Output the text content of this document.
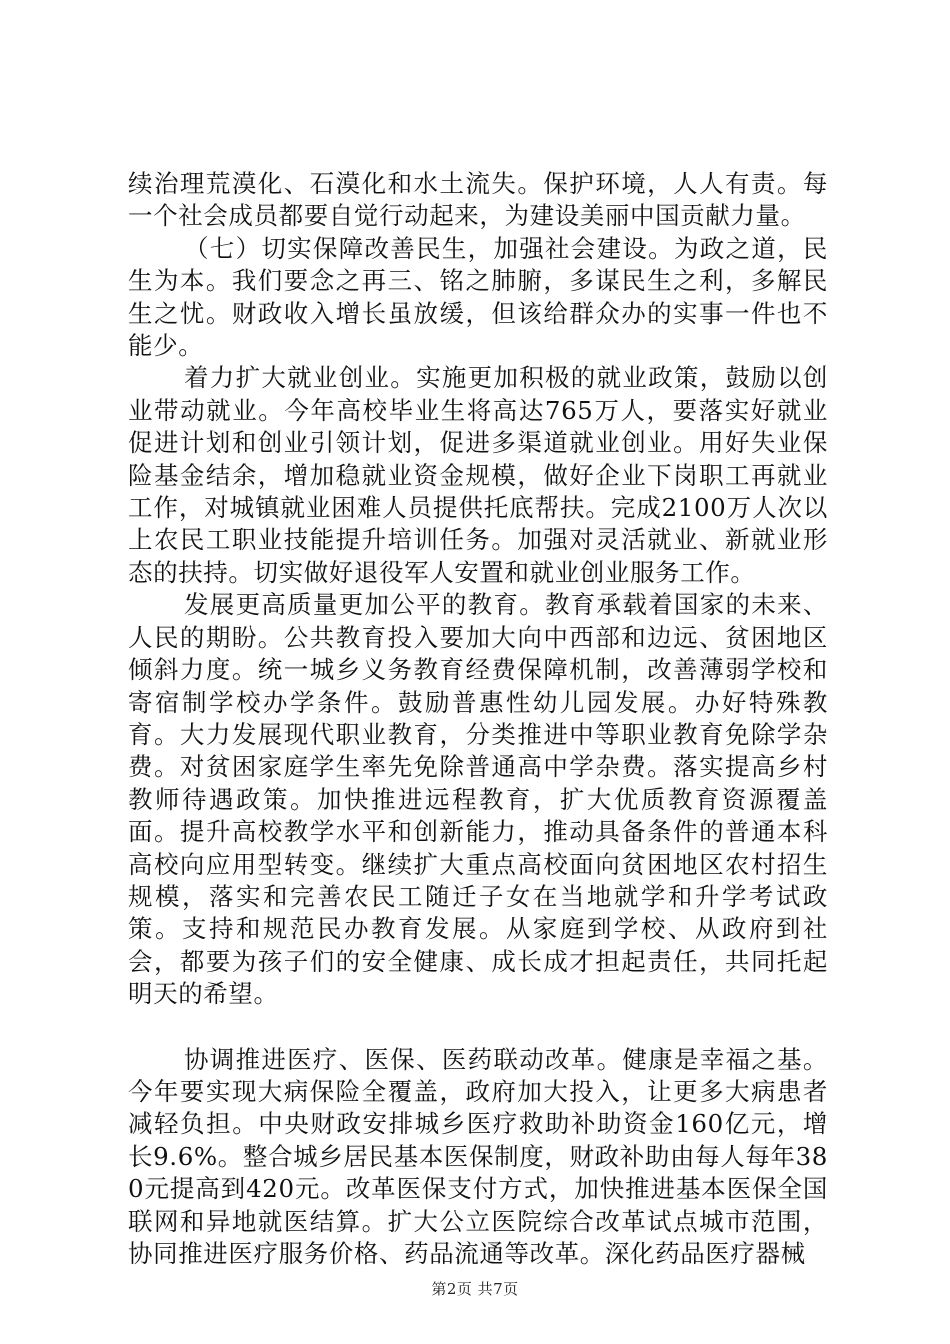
续治理荒漠化、石漠化和水土流失。保护环境，人人有责。每一个社会成员都要自觉行动起来，为建设美丽中国贡献力量。

（七）切实保障改善民生，加强社会建设。为政之道，民生为本。我们要念之再三、铭之肺腑，多谋民生之利，多解民生之忧。财政收入增长虽放缓，但该给群众办的实事一件也不能少。

着力扩大就业创业。实施更加积极的就业政策，鼓励以创业带动就业。今年高校毕业生将高达765万人，要落实好就业促进计划和创业引领计划，促进多渠道就业创业。用好失业保险基金结余，增加稳就业资金规模，做好企业下岗职工再就业工作，对城镇就业困难人员提供托底帮扶。完成2100万人次以上农民工职业技能提升培训任务。加强对灵活就业、新就业形态的扶持。切实做好退役军人安置和就业创业服务工作。

发展更高质量更加公平的教育。教育承载着国家的未来、人民的期盼。公共教育投入要加大向中西部和边远、贫困地区倾斜力度。统一城乡义务教育经费保障机制，改善薄弱学校和寄宿制学校办学条件。鼓励普惠性幼儿园发展。办好特殊教育。大力发展现代职业教育，分类推进中等职业教育免除学杂费。对贫困家庭学生率先免除普通高中学杂费。落实提高乡村教师待遇政策。加快推进远程教育，扩大优质教育资源覆盖面。提升高校教学水平和创新能力，推动具备条件的普通本科高校向应用型转变。继续扩大重点高校面向贫困地区农村招生规模，落实和完善农民工随迁子女在当地就学和升学考试政策。支持和规范民办教育发展。从家庭到学校、从政府到社会，都要为孩子们的安全健康、成长成才担起责任，共同托起明天的希望。

协调推进医疗、医保、医药联动改革。健康是幸福之基。今年要实现大病保险全覆盖，政府加大投入，让更多大病患者减轻负担。中央财政安排城乡医疗救助补助资金160亿元，增长9.6%。整合城乡居民基本医保制度，财政补助由每人每年380元提高到420元。改革医保支付方式，加快推进基本医保全国联网和异地就医结算。扩大公立医院综合改革试点城市范围，协同推进医疗服务价格、药品流通等改革。深化药品医疗器械

第2页 共7页
